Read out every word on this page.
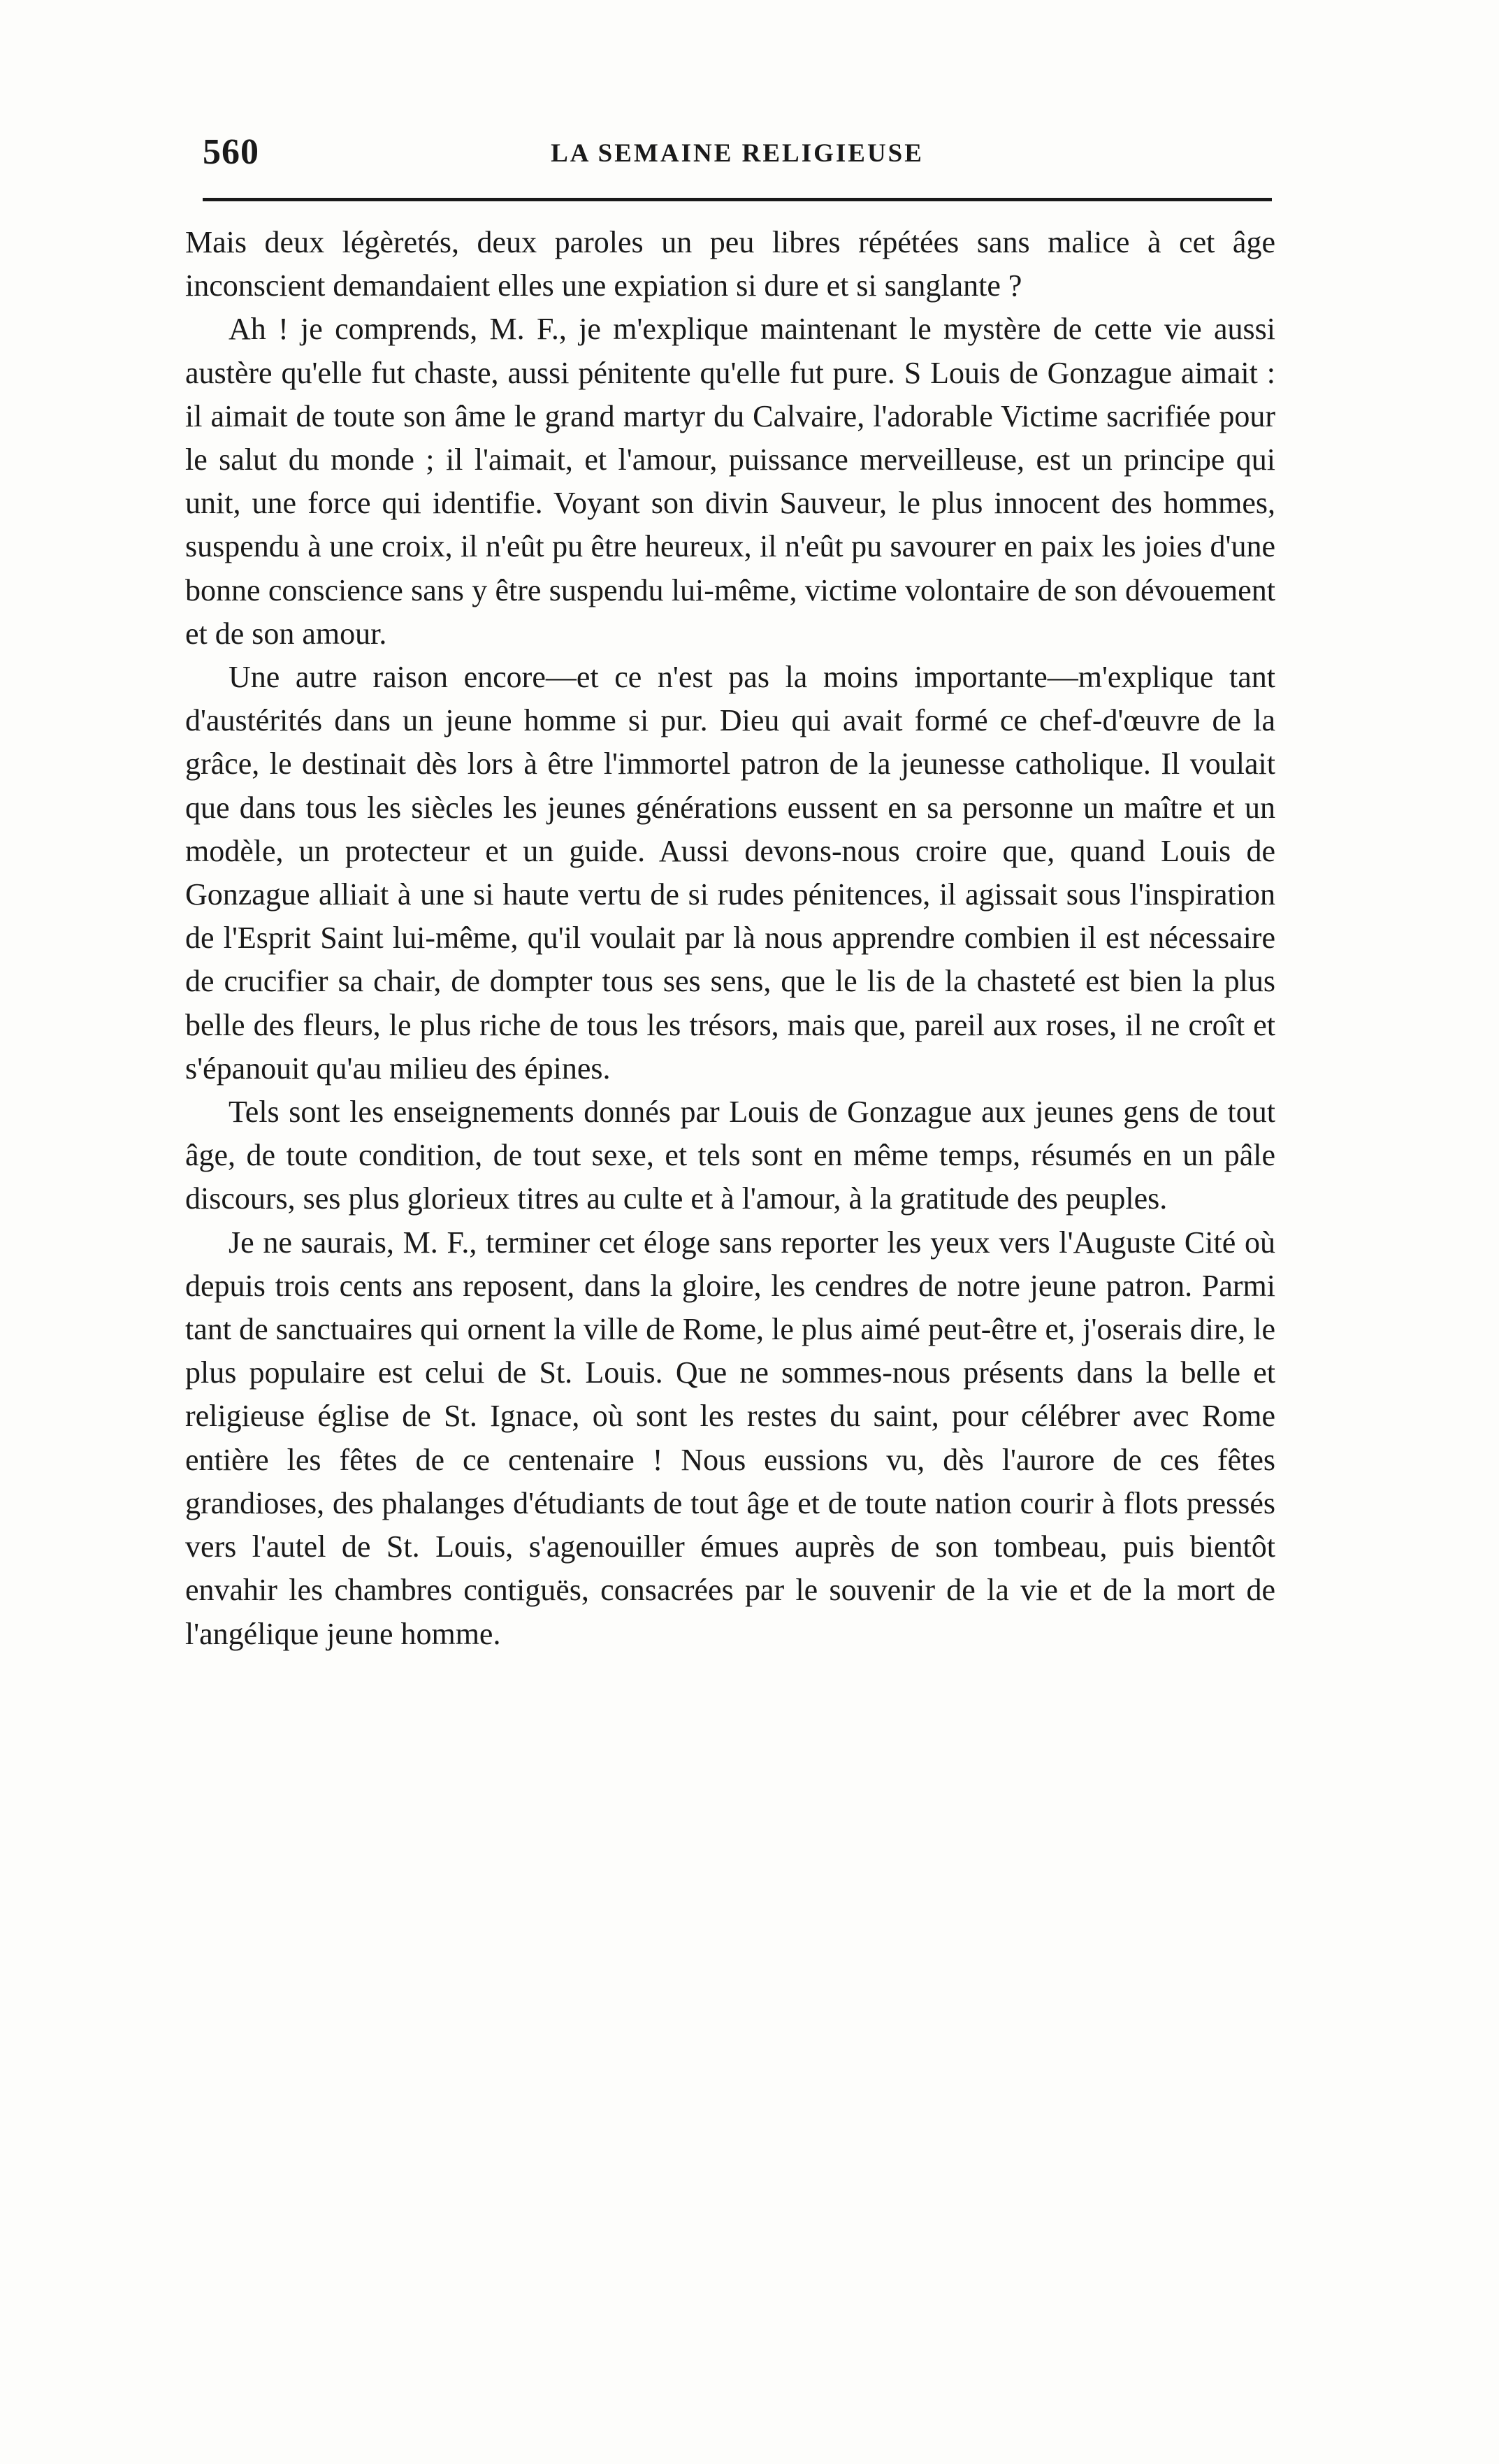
560	LA SEMAINE RELIGIEUSE

Mais deux légèretés, deux paroles un peu libres répétées sans malice à cet âge inconscient demandaient elles une expiation si dure et si sanglante ?

Ah ! je comprends, M. F., je m'explique maintenant le mystère de cette vie aussi austère qu'elle fut chaste, aussi pénitente qu'elle fut pure. S Louis de Gonzague aimait : il aimait de toute son âme le grand martyr du Calvaire, l'adorable Victime sacrifiée pour le salut du monde ; il l'aimait, et l'amour, puissance merveilleuse, est un principe qui unit, une force qui identifie. Voyant son divin Sauveur, le plus innocent des hommes, suspendu à une croix, il n'eût pu être heureux, il n'eût pu savourer en paix les joies d'une bonne conscience sans y être suspendu lui-même, victime volontaire de son dévouement et de son amour.

Une autre raison encore—et ce n'est pas la moins importante—m'explique tant d'austérités dans un jeune homme si pur. Dieu qui avait formé ce chef-d'œuvre de la grâce, le destinait dès lors à être l'immortel patron de la jeunesse catholique. Il voulait que dans tous les siècles les jeunes générations eussent en sa personne un maître et un modèle, un protecteur et un guide. Aussi devons-nous croire que, quand Louis de Gonzague alliait à une si haute vertu de si rudes pénitences, il agissait sous l'inspiration de l'Esprit Saint lui-même, qu'il voulait par là nous apprendre combien il est nécessaire de crucifier sa chair, de dompter tous ses sens, que le lis de la chasteté est bien la plus belle des fleurs, le plus riche de tous les trésors, mais que, pareil aux roses, il ne croît et s'épanouit qu'au milieu des épines.

Tels sont les enseignements donnés par Louis de Gonzague aux jeunes gens de tout âge, de toute condition, de tout sexe, et tels sont en même temps, résumés en un pâle discours, ses plus glorieux titres au culte et à l'amour, à la gratitude des peuples.

Je ne saurais, M. F., terminer cet éloge sans reporter les yeux vers l'Auguste Cité où depuis trois cents ans reposent, dans la gloire, les cendres de notre jeune patron. Parmi tant de sanctuaires qui ornent la ville de Rome, le plus aimé peut-être et, j'oserais dire, le plus populaire est celui de St. Louis. Que ne sommes-nous présents dans la belle et religieuse église de St. Ignace, où sont les restes du saint, pour célébrer avec Rome entière les fêtes de ce centenaire ! Nous eussions vu, dès l'aurore de ces fêtes grandioses, des phalanges d'étudiants de tout âge et de toute nation courir à flots pressés vers l'autel de St. Louis, s'agenouiller émues auprès de son tombeau, puis bientôt envahir les chambres contiguës, consacrées par le souvenir de la vie et de la mort de l'angélique jeune homme.
